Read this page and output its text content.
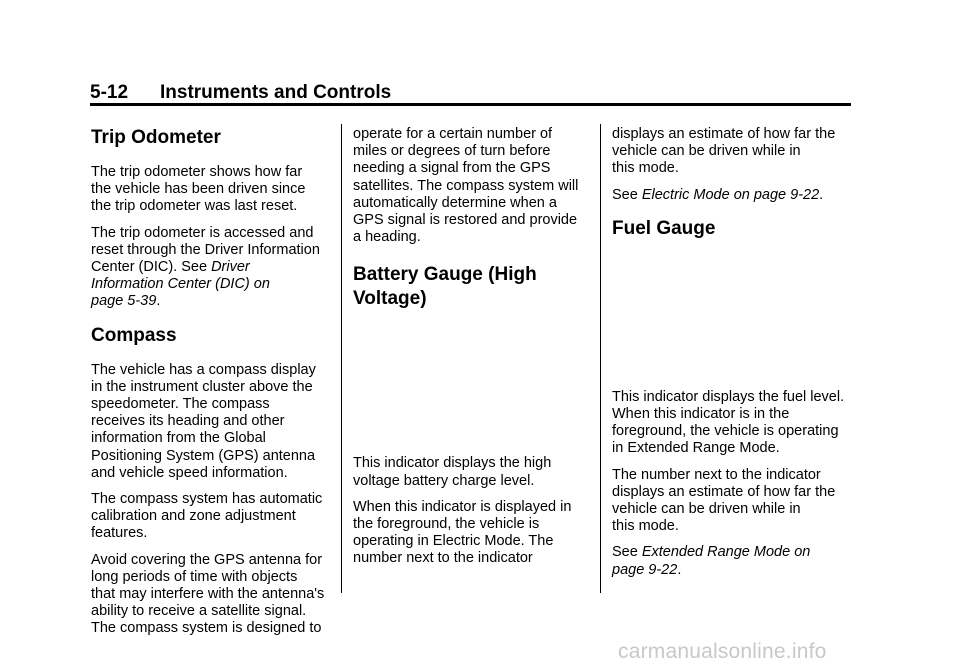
5-12 Instruments and Controls
Trip Odometer

The trip odometer shows how far
the vehicle has been driven since
the trip odometer was last reset.

The trip odometer is accessed and
reset through the Driver Information
Center (DIC). See Driver
Information Center (DIC) on
page 5-39.

Compass

The vehicle has a compass display
in the instrument cluster above the
speedometer. The compass
receives its heading and other
information from the Global
Positioning System (GPS) antenna
and vehicle speed information.

The compass system has automatic
calibration and zone adjustment
features.

Avoid covering the GPS antenna for
long periods of time with objects
that may interfere with the antenna's
ability to receive a satellite signal.
The compass system is designed to

operate for a certain number of
miles or degrees of turn before
needing a signal from the GPS
satellites. The compass system will
automatically determine when a
GPS signal is restored and provide
a heading.

Battery Gauge (High
Voltage)

This indicator displays the high
voltage battery charge level.

When this indicator is displayed in
the foreground, the vehicle is
operating in Electric Mode. The
number next to the indicator

displays an estimate of how far the
vehicle can be driven while in
this mode.

See Electric Mode on page 9-22.

Fuel Gauge

This indicator displays the fuel level.
When this indicator is in the
foreground, the vehicle is operating
in Extended Range Mode.

The number next to the indicator
displays an estimate of how far the
vehicle can be driven while in
this mode.

See Extended Range Mode on
page 9-22.

carmanualsonline.info
